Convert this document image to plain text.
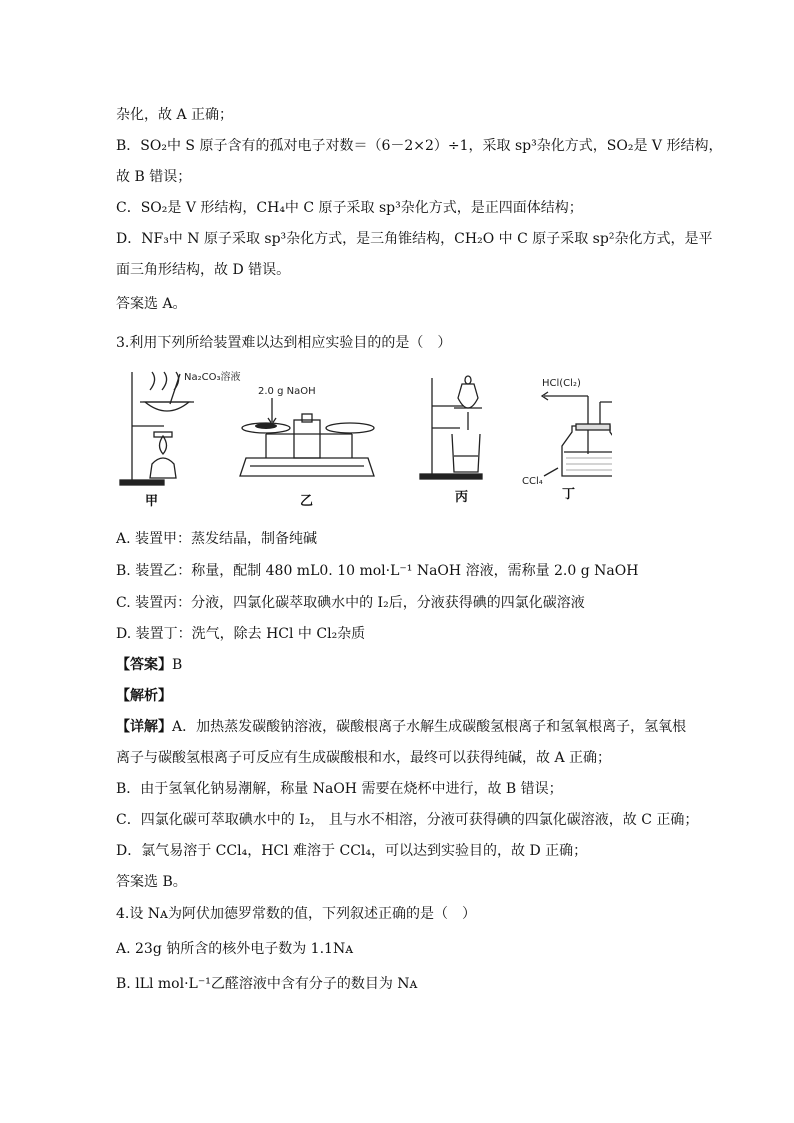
杂化，故 A 正确；
B．SO₂中 S 原子含有的孤对电子对数＝（6－2×2）÷1，采取 sp³杂化方式，SO₂是 V 形结构，
故 B 错误；
C．SO₂是 V 形结构，CH₄中 C 原子采取 sp³杂化方式，是正四面体结构；
D．NF₃中 N 原子采取 sp³杂化方式，是三角锥结构，CH₂O 中 C 原子采取 sp²杂化方式，是平
面三角形结构，故 D 错误。
答案选 A。
3.利用下列所给装置难以达到相应实验目的的是（　）
Na₂CO₃溶液
甲
2.0 g NaOH
乙	丙
HCl(Cl₂)
CCl₄
丁
A. 装置甲：蒸发结晶，制备纯碱
B. 装置乙：称量，配制 480 mL0. 10 mol·L⁻¹ NaOH 溶液，需称量 2.0 g NaOH
C. 装置丙：分液，四氯化碳萃取碘水中的 I₂后，分液获得碘的四氯化碳溶液
D. 装置丁：洗气，除去 HCl 中 Cl₂杂质
【答案】B
【解析】
【详解】A．加热蒸发碳酸钠溶液，碳酸根离子水解生成碳酸氢根离子和氢氧根离子，氢氧根
离子与碳酸氢根离子可反应有生成碳酸根和水，最终可以获得纯碱，故 A 正确；
B．由于氢氧化钠易潮解，称量 NaOH 需要在烧杯中进行，故 B 错误；
C．四氯化碳可萃取碘水中的 I₂， 且与水不相溶，分液可获得碘的四氯化碳溶液，故 C 正确；
D．氯气易溶于 CCl₄，HCl 难溶于 CCl₄，可以达到实验目的，故 D 正确；
答案选 B。
4.设 Nᴀ为阿伏加德罗常数的值，下列叙述正确的是（　）
A. 23g 钠所含的核外电子数为 1.1Nᴀ
B. lLl mol·L⁻¹乙醛溶液中含有分子的数目为 Nᴀ
